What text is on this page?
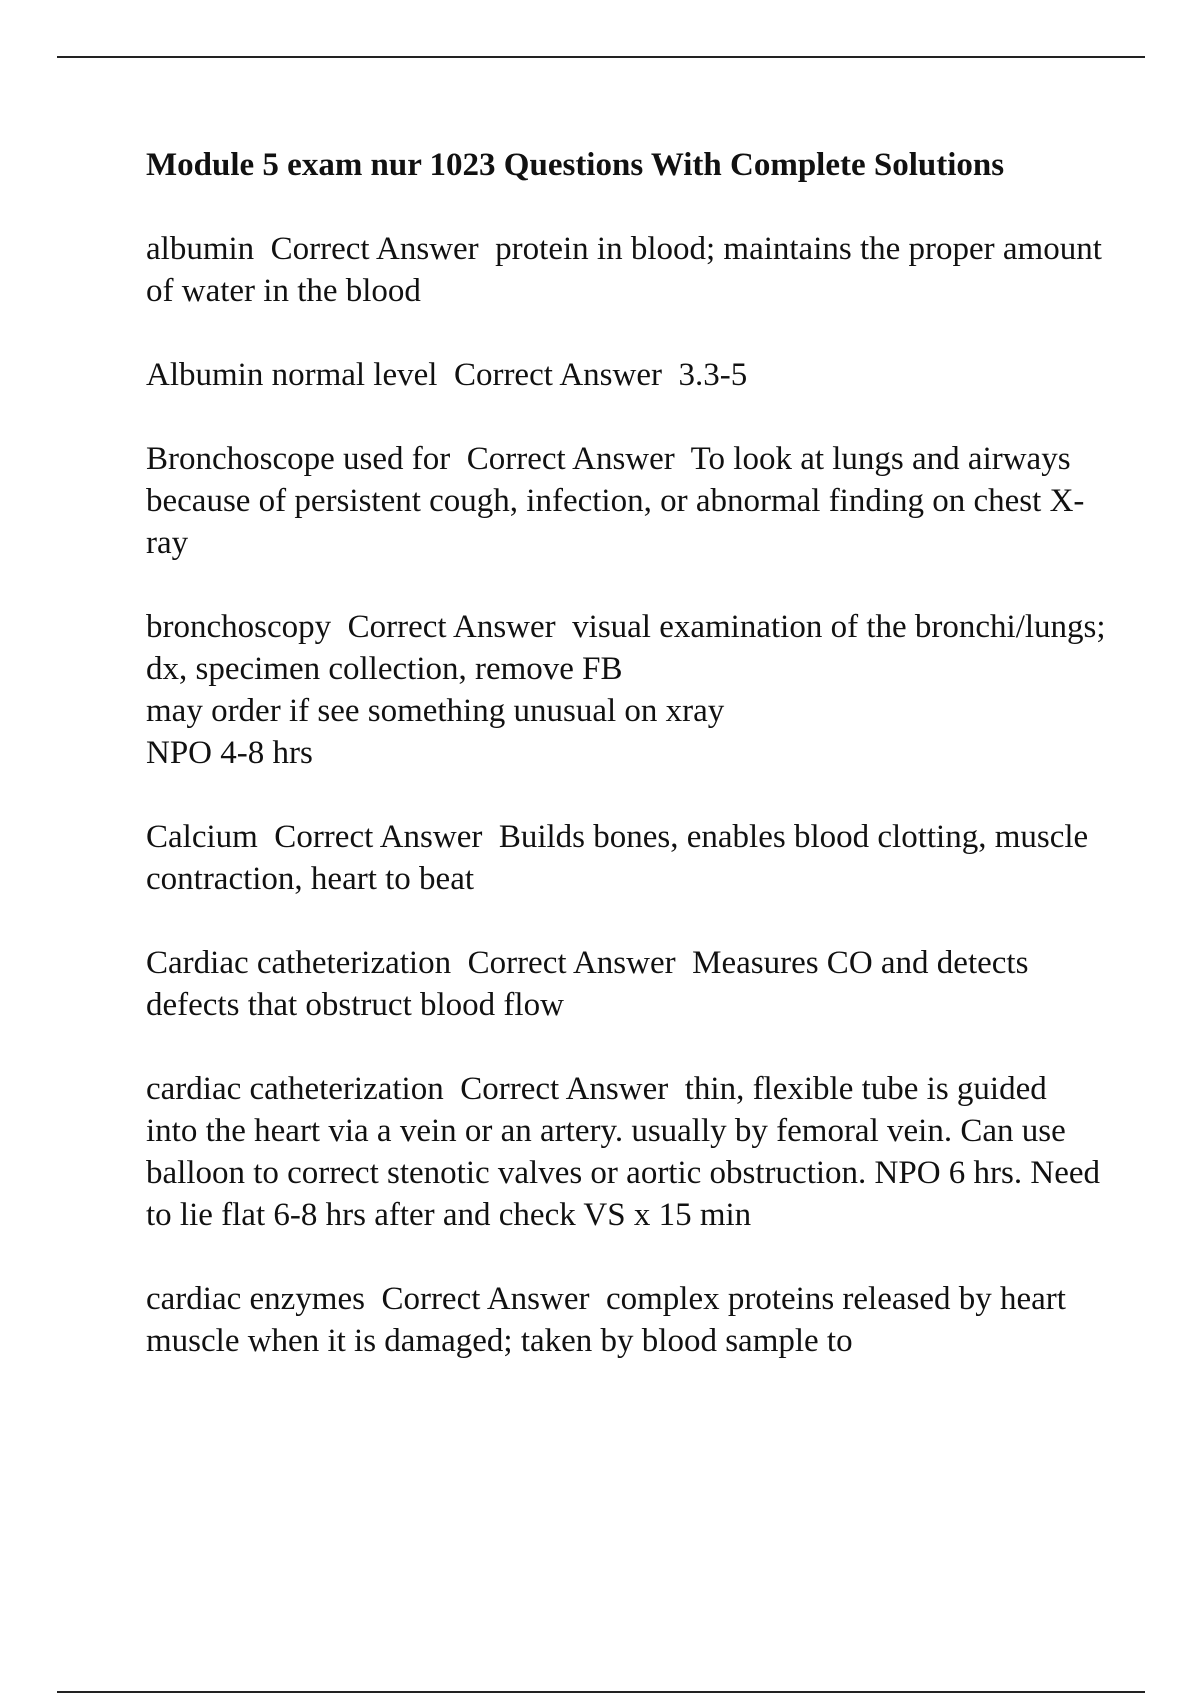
Module 5 exam nur 1023 Questions With Complete Solutions

albumin  Correct Answer  protein in blood; maintains the proper amount of water in the blood

Albumin normal level  Correct Answer  3.3-5

Bronchoscope used for  Correct Answer  To look at lungs and airways because of persistent cough, infection, or abnormal finding on chest X-ray

bronchoscopy  Correct Answer  visual examination of the bronchi/lungs; dx, specimen collection, remove FB
may order if see something unusual on xray
NPO 4-8 hrs

Calcium  Correct Answer  Builds bones, enables blood clotting, muscle contraction, heart to beat

Cardiac catheterization  Correct Answer  Measures CO and detects defects that obstruct blood flow

cardiac catheterization  Correct Answer  thin, flexible tube is guided into the heart via a vein or an artery. usually by femoral vein. Can use balloon to correct stenotic valves or aortic obstruction. NPO 6 hrs. Need to lie flat 6-8 hrs after and check VS x 15 min

cardiac enzymes  Correct Answer  complex proteins released by heart muscle when it is damaged; taken by blood sample to
